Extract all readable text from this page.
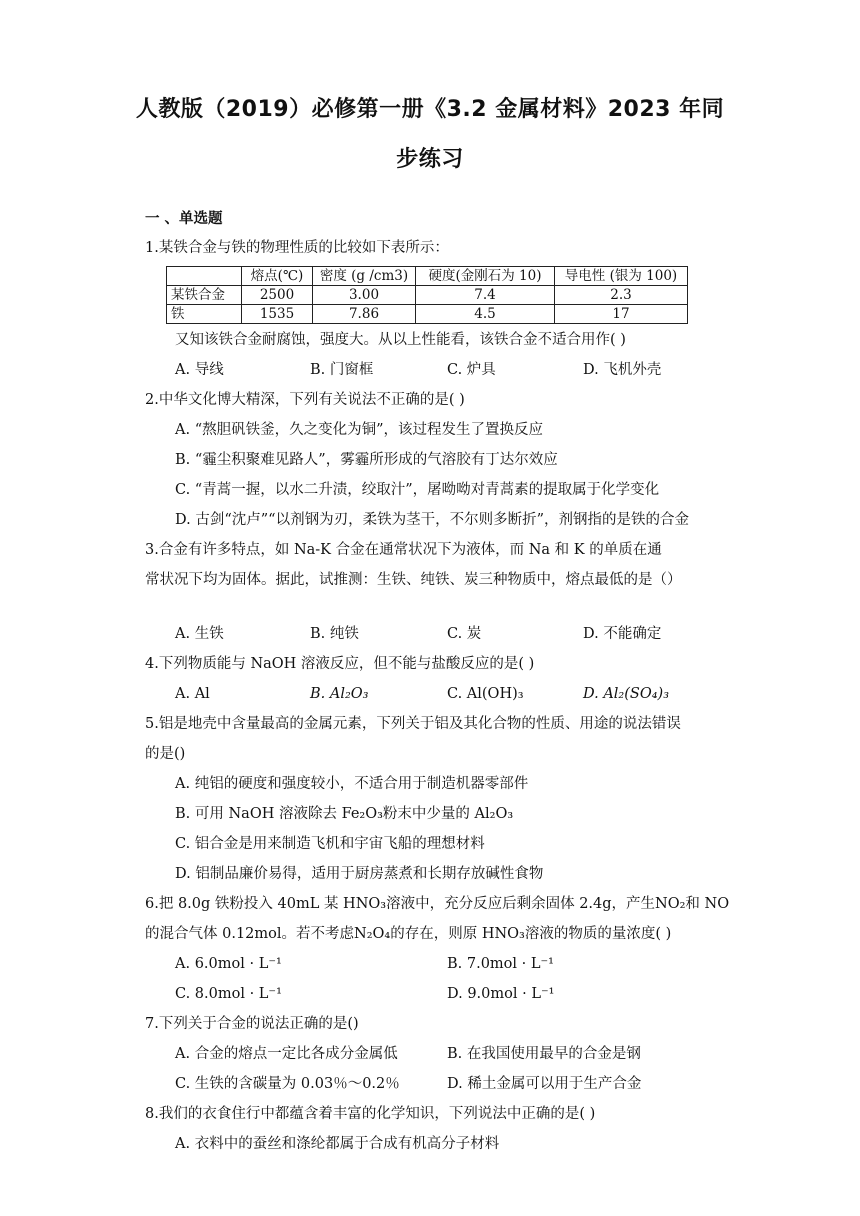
人教版（2019）必修第一册《3.2 金属材料》2023 年同
步练习
一 、单选题
1.某铁合金与铁的物理性质的比较如下表所示：
	熔点(℃)	密度 (g /cm3)	硬度(金刚石为 10)	导电性 (银为 100)
某铁合金	2500	3.00	7.4	2.3
铁	1535	7.86	4.5	17
又知该铁合金耐腐蚀，强度大。从以上性能看，该铁合金不适合用作( )
A. 导线	B. 门窗框	C. 炉具	D. 飞机外壳
2.中华文化博大精深，下列有关说法不正确的是( )
A. “熬胆矾铁釜，久之变化为铜”，该过程发生了置换反应
B. “霾尘积聚难见路人”，雾霾所形成的气溶胶有丁达尔效应
C. “青蒿一握，以水二升渍，绞取汁”，屠呦呦对青蒿素的提取属于化学变化
D. 古剑“沈卢”“以剂钢为刃，柔铁为茎干，不尔则多断折”，剂钢指的是铁的合金
3.合金有许多特点，如 Na-K 合金在通常状况下为液体，而 Na 和 K 的单质在通
常状况下均为固体。据此，试推测：生铁、纯铁、炭三种物质中，熔点最低的是（）
A. 生铁	B. 纯铁	C. 炭	D. 不能确定
4.下列物质能与 NaOH 溶液反应，但不能与盐酸反应的是( )
A. Al	B. Al₂O₃	C. Al(OH)₃	D. Al₂(SO₄)₃
5.铝是地壳中含量最高的金属元素，下列关于铝及其化合物的性质、用途的说法错误
的是()
A. 纯铝的硬度和强度较小，不适合用于制造机器零部件
B. 可用 NaOH 溶液除去 Fe₂O₃粉末中少量的 Al₂O₃
C. 铝合金是用来制造飞机和宇宙飞船的理想材料
D. 铝制品廉价易得，适用于厨房蒸煮和长期存放碱性食物
6.把 8.0g 铁粉投入 40mL 某 HNO₃溶液中，充分反应后剩余固体 2.4g，产生NO₂和 NO
的混合气体 0.12mol。若不考虑N₂O₄的存在，则原 HNO₃溶液的物质的量浓度( )
A. 6.0mol · L⁻¹	B. 7.0mol · L⁻¹
C. 8.0mol · L⁻¹	D. 9.0mol · L⁻¹
7.下列关于合金的说法正确的是()
A. 合金的熔点一定比各成分金属低	B. 在我国使用最早的合金是钢
C. 生铁的含碳量为 0.03％～0.2％	D. 稀土金属可以用于生产合金
8.我们的衣食住行中都蕴含着丰富的化学知识，下列说法中正确的是( )
A. 衣料中的蚕丝和涤纶都属于合成有机高分子材料
